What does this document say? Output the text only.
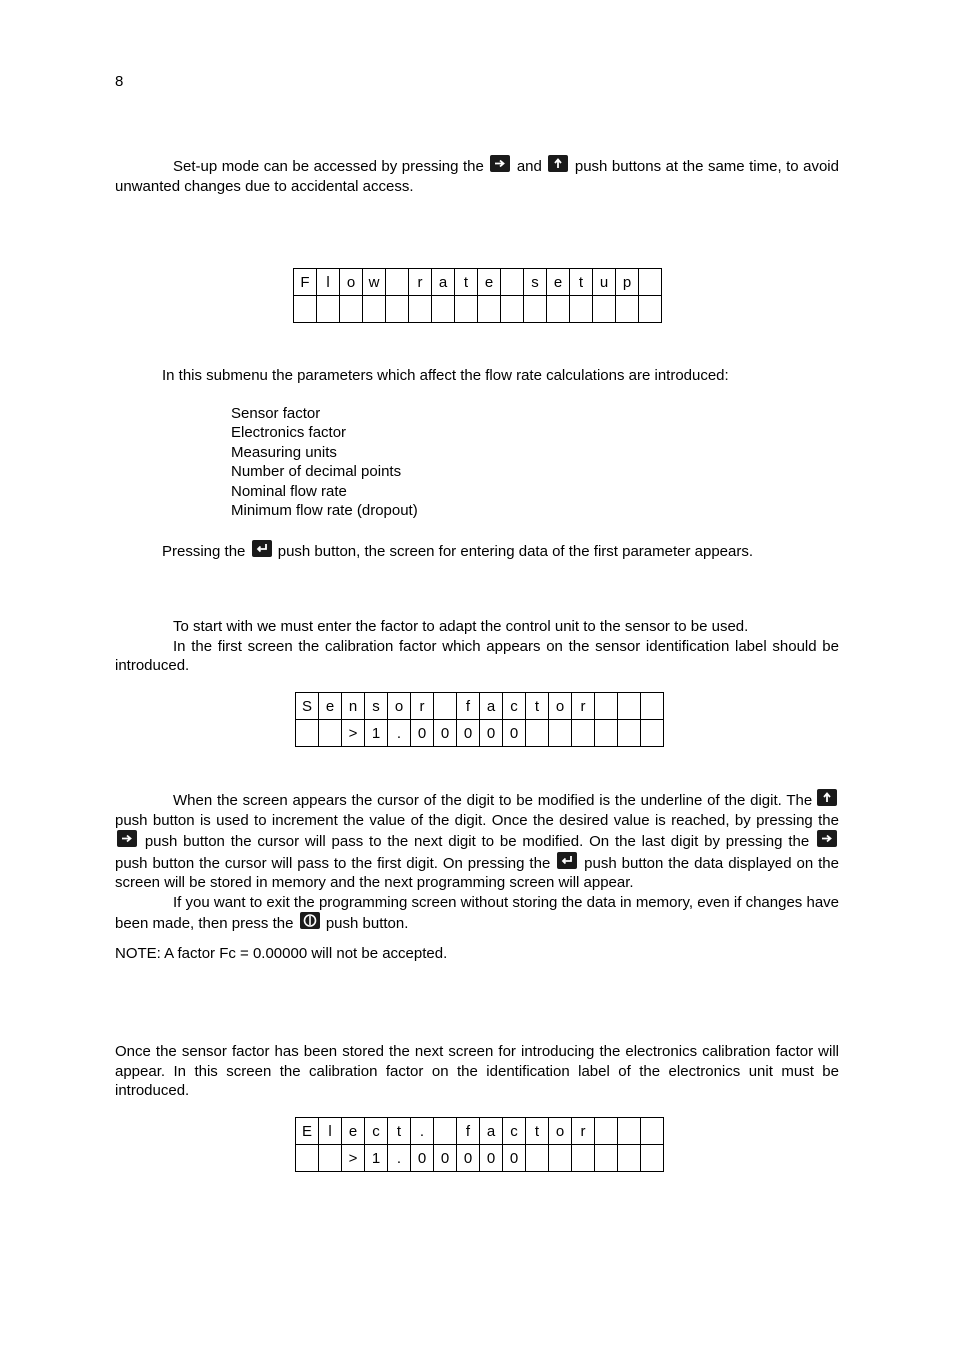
8
Set-up mode can be accessed by pressing the and push buttons at the same time, to avoid unwanted changes due to accidental access.
F	l	o	w		r	a	t	e		s	e	t	u	p	

In this submenu the parameters which affect the flow rate calculations are introduced:
Sensor factor
Electronics factor
Measuring units
Number of decimal points
Nominal flow rate
Minimum flow rate (dropout)
Pressing the push button, the screen for entering data of the first parameter appears.
To start with we must enter the factor to adapt the control unit to the sensor to be used.
In the first screen the calibration factor which appears on the sensor identification label should be introduced.
S	e	n	s	o	r		f	a	c	t	o	r			
		>	1	.	0	0	0	0	0						
When the screen appears the cursor of the digit to be modified is the underline of the digit. The
push button is used to increment the value of the digit. Once the desired value is reached, by pressing the
push button the cursor will pass to the next digit to be modified. On the last digit by pressing the
push button the cursor will pass to the first digit. On pressing the push button the data displayed on the screen will be stored in memory and the next programming screen will appear.
If you want to exit the programming screen without storing the data in memory, even if changes have been made, then press the push button.
NOTE: A factor Fc = 0.00000 will not be accepted.
Once the sensor factor has been stored the next screen for introducing the electronics calibration factor will appear. In this screen the calibration factor on the identification label of the electronics unit must be introduced.
E	l	e	c	t	.		f	a	c	t	o	r			
		>	1	.	0	0	0	0	0						
